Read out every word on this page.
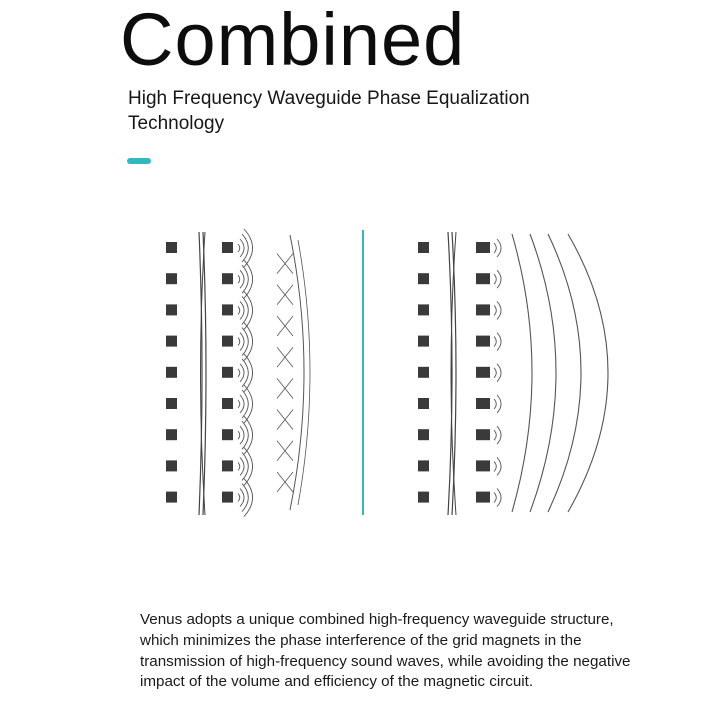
Combined
High Frequency Waveguide Phase Equalization Technology
Venus adopts a unique combined high-frequency waveguide structure, which minimizes the phase interference of the grid magnets in the transmission of high-frequency sound waves, while avoiding the negative impact of the volume and efficiency of the magnetic circuit.
